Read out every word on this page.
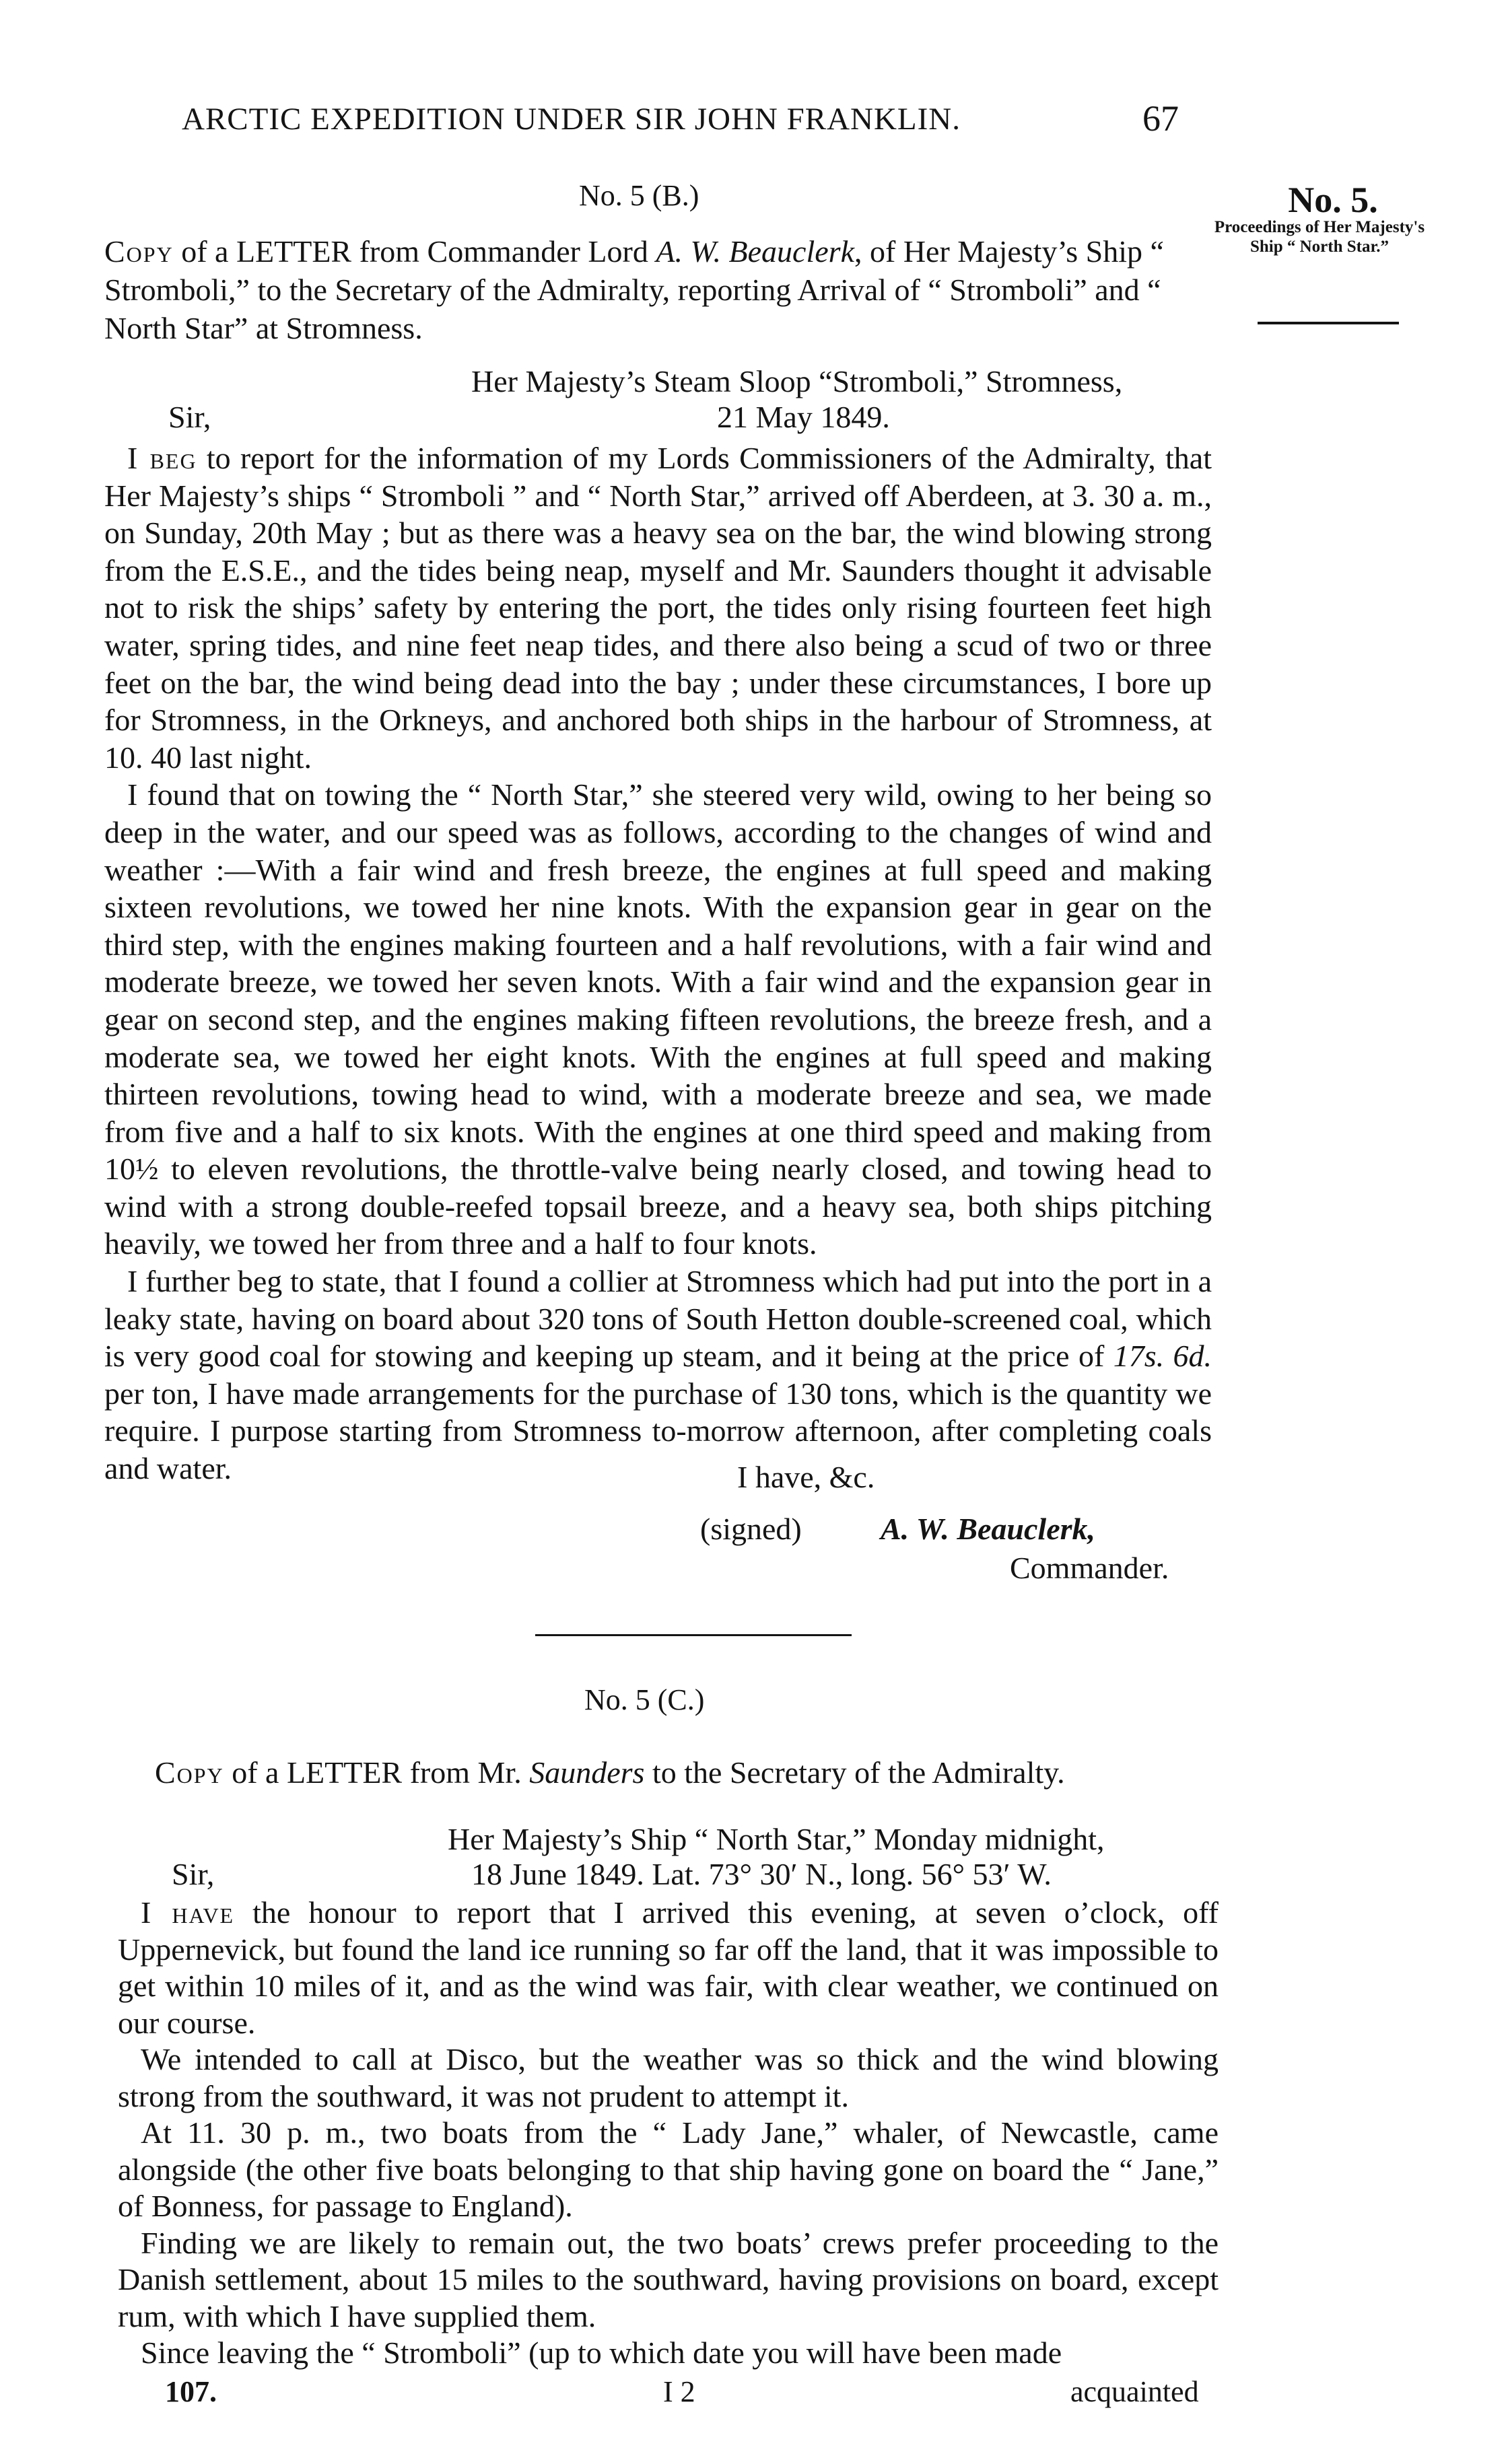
ARCTIC EXPEDITION UNDER SIR JOHN FRANKLIN.	67
No. 5.
Proceedings of Her Majesty's Ship “ North Star.”
No. 5 (B.)
Copy of a LETTER from Commander Lord A. W. Beauclerk, of Her Majesty’s Ship “ Stromboli,” to the Secretary of the Admiralty, reporting Arrival of “ Stromboli” and “ North Star” at Stromness.
Her Majesty’s Steam Sloop “Stromboli,” Stromness,
Sir,	21 May 1849.

I beg to report for the information of my Lords Commissioners of the Admiralty, that Her Majesty’s ships “ Stromboli ” and “ North Star,” arrived off Aberdeen, at 3. 30 a. m., on Sunday, 20th May ; but as there was a heavy sea on the bar, the wind blowing strong from the E.S.E., and the tides being neap, myself and Mr. Saunders thought it advisable not to risk the ships’ safety by entering the port, the tides only rising fourteen feet high water, spring tides, and nine feet neap tides, and there also being a scud of two or three feet on the bar, the wind being dead into the bay ; under these circumstances, I bore up for Stromness, in the Orkneys, and anchored both ships in the harbour of Stromness, at 10. 40 last night.

I found that on towing the “ North Star,” she steered very wild, owing to her being so deep in the water, and our speed was as follows, according to the changes of wind and weather :—With a fair wind and fresh breeze, the engines at full speed and making sixteen revolutions, we towed her nine knots. With the expansion gear in gear on the third step, with the engines making fourteen and a half revolutions, with a fair wind and moderate breeze, we towed her seven knots. With a fair wind and the expansion gear in gear on second step, and the engines making fifteen revolutions, the breeze fresh, and a moderate sea, we towed her eight knots. With the engines at full speed and making thirteen revolutions, towing head to wind, with a moderate breeze and sea, we made from five and a half to six knots. With the engines at one third speed and making from 10½ to eleven revolutions, the throttle-valve being nearly closed, and towing head to wind with a strong double-reefed topsail breeze, and a heavy sea, both ships pitching heavily, we towed her from three and a half to four knots.

I further beg to state, that I found a collier at Stromness which had put into the port in a leaky state, having on board about 320 tons of South Hetton double-screened coal, which is very good coal for stowing and keeping up steam, and it being at the price of 17s. 6d. per ton, I have made arrangements for the purchase of 130 tons, which is the quantity we require. I purpose starting from Stromness to-morrow afternoon, after completing coals and water.	I have, &c.
(signed)	A. W. Beauclerk,
Commander.
No. 5 (C.)
Copy of a LETTER from Mr. Saunders to the Secretary of the Admiralty.
Her Majesty’s Ship “ North Star,” Monday midnight,
Sir,	18 June 1849. Lat. 73° 30′ N., long. 56° 53′ W.

I have the honour to report that I arrived this evening, at seven o’clock, off Uppernevick, but found the land ice running so far off the land, that it was impossible to get within 10 miles of it, and as the wind was fair, with clear weather, we continued on our course.

We intended to call at Disco, but the weather was so thick and the wind blowing strong from the southward, it was not prudent to attempt it.

At 11. 30 p. m., two boats from the “ Lady Jane,” whaler, of Newcastle, came alongside (the other five boats belonging to that ship having gone on board the “ Jane,” of Bonness, for passage to England).

Finding we are likely to remain out, the two boats’ crews prefer proceeding to the Danish settlement, about 15 miles to the southward, having provisions on board, except rum, with which I have supplied them.

Since leaving the “ Stromboli” (up to which date you will have been made

107.	I 2	acquainted
